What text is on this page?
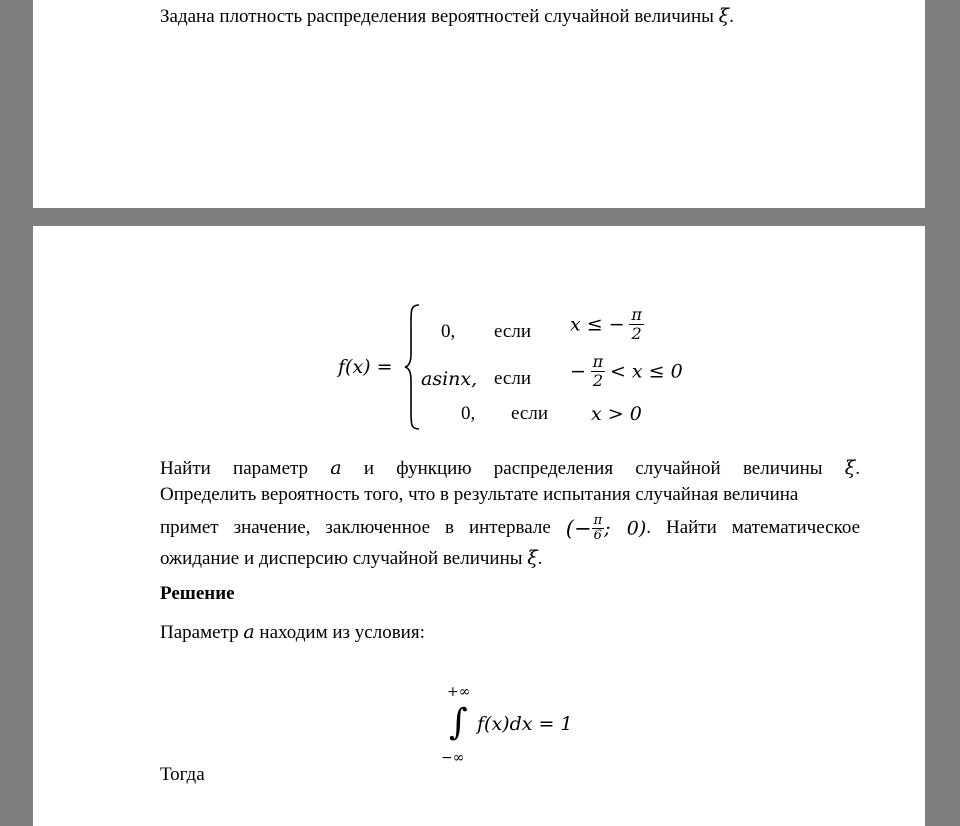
Задана плотность распределения вероятностей случайной величины ξ.
f(x) =
0, если x ≤ − $\frac{\pi}{2}$
asinx, если − $\frac{\pi}{2} < x \le 0$
0, если x > 0
Найти параметр a и функцию распределения случайной величины ξ.
Определить вероятность того, что в результате испытания случайная величина
примет значение, заключенное в интервале (− $\frac{\pi}{6}$ ; 0). Найти математическое
ожидание и дисперсию случайной величины ξ.
Решение
Параметр a находим из условия:
+∞
∫
−∞
f(x)dx = 1
Тогда
